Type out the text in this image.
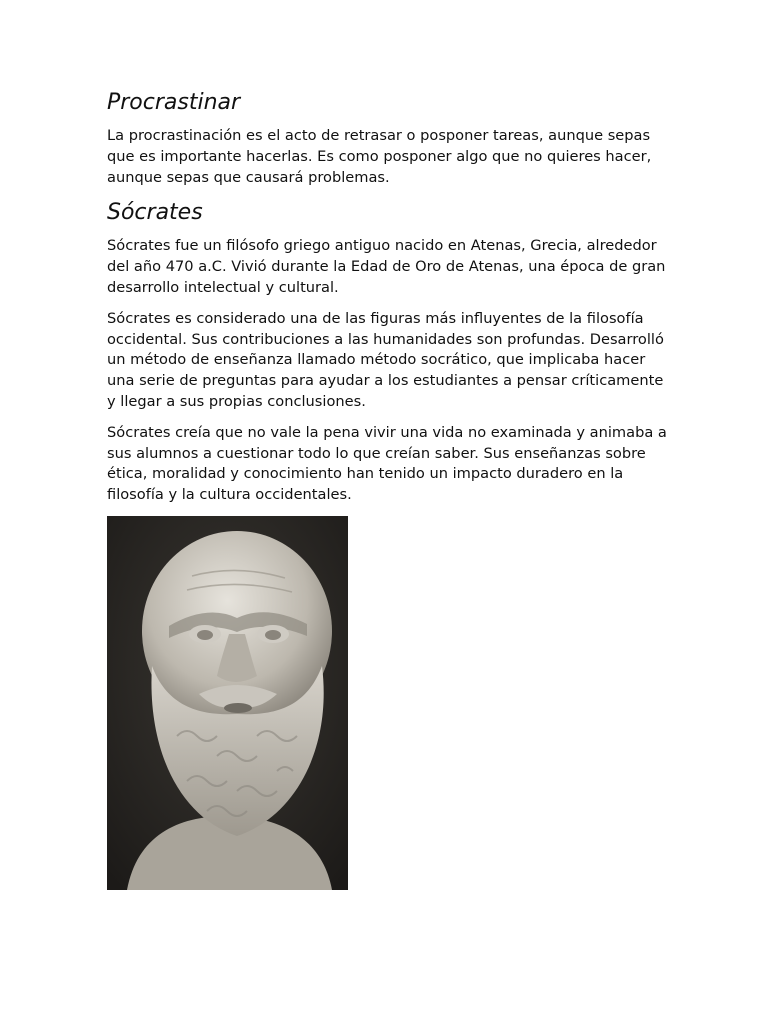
Procrastinar

La procrastinación es el acto de retrasar o posponer tareas, aunque sepas que es importante hacerlas. Es como posponer algo que no quieres hacer, aunque sepas que causará problemas.

Sócrates

Sócrates fue un filósofo griego antiguo nacido en Atenas, Grecia, alrededor del año 470 a.C. Vivió durante la Edad de Oro de Atenas, una época de gran desarrollo intelectual y cultural.

Sócrates es considerado una de las figuras más influyentes de la filosofía occidental. Sus contribuciones a las humanidades son profundas. Desarrolló un método de enseñanza llamado método socrático, que implicaba hacer una serie de preguntas para ayudar a los estudiantes a pensar críticamente y llegar a sus propias conclusiones.

Sócrates creía que no vale la pena vivir una vida no examinada y animaba a sus alumnos a cuestionar todo lo que creían saber. Sus enseñanzas sobre ética, moralidad y conocimiento han tenido un impacto duradero en la filosofía y la cultura occidentales.
